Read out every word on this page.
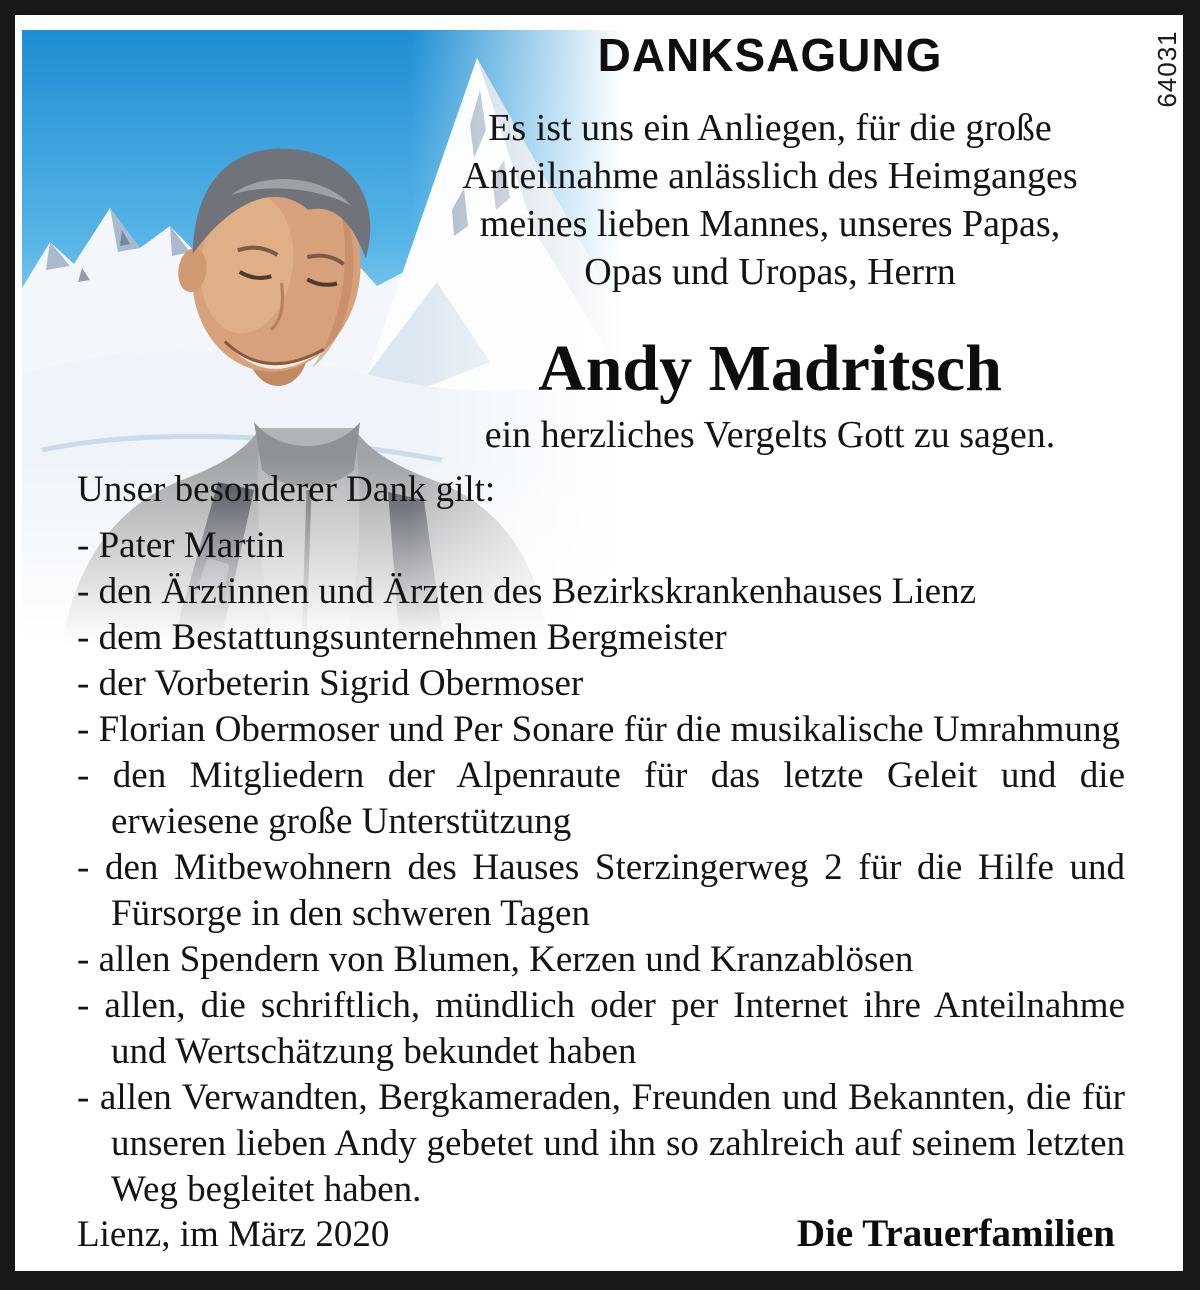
64031
DANKSAGUNG
Es ist uns ein Anliegen, für die große
Anteilnahme anlässlich des Heimganges
meines lieben Mannes, unseres Papas,
Opas und Uropas, Herrn
Andy Madritsch
ein herzliches Vergelts Gott zu sagen.
Unser besonderer Dank gilt:
- Pater Martin
- den Ärztinnen und Ärzten des Bezirkskrankenhauses Lienz
- dem Bestattungsunternehmen Bergmeister
- der Vorbeterin Sigrid Obermoser
- Florian Obermoser und Per Sonare für die musikalische Umrahmung
- den Mitgliedern der Alpenraute für das letzte Geleit und die erwiesene große Unterstützung
- den Mitbewohnern des Hauses Sterzingerweg 2 für die Hilfe und Fürsorge in den schweren Tagen
- allen Spendern von Blumen, Kerzen und Kranzablösen
- allen, die schriftlich, mündlich oder per Internet ihre Anteilnahme und Wertschätzung bekundet haben
- allen Verwandten, Bergkameraden, Freunden und Bekannten, die für unseren lieben Andy gebetet und ihn so zahlreich auf seinem letzten Weg begleitet haben.
Lienz, im März 2020	Die Trauerfamilien
